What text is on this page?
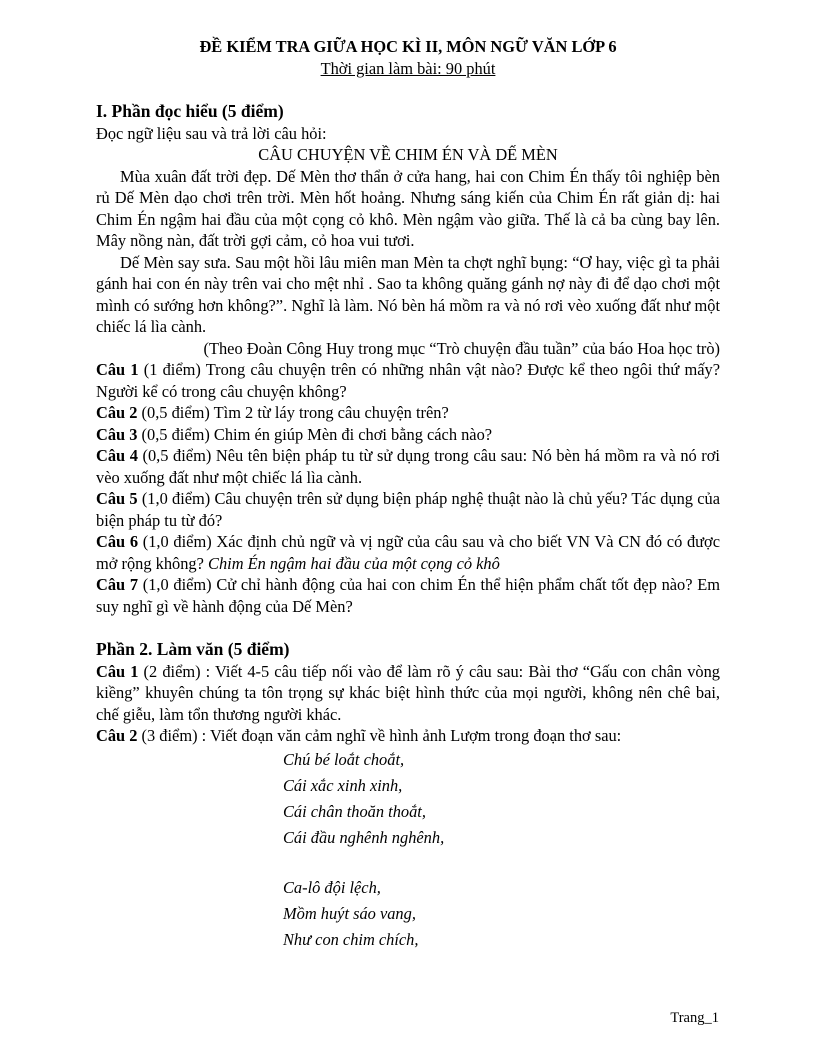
ĐỀ KIỂM TRA GIỮA HỌC KÌ II, MÔN NGỮ VĂN LỚP 6
Thời gian làm bài: 90 phút
I. Phần đọc hiểu (5 điểm)
Đọc ngữ liệu sau và trả lời câu hỏi:
CÂU CHUYỆN VỀ CHIM ÉN VÀ DẾ MÈN
Mùa xuân đất trời đẹp. Dế Mèn thơ thẩn ở cửa hang, hai con Chim Én thấy tôi nghiệp bèn rủ Dế Mèn dạo chơi trên trời. Mèn hốt hoảng. Nhưng sáng kiến của Chim Én rất giản dị: hai Chim Én ngậm hai đầu của một cọng cỏ khô. Mèn ngậm vào giữa. Thế là cả ba cùng bay lên. Mây nồng nàn, đất trời gợi cảm, cỏ hoa vui tươi.
Dế Mèn say sưa. Sau một hồi lâu miên man Mèn ta chợt nghĩ bụng: “Ơ hay, việc gì ta phải gánh hai con én này trên vai cho mệt nhỉ . Sao ta không quăng gánh nợ này đi để dạo chơi một mình có sướng hơn không?”. Nghĩ là làm. Nó bèn há mồm ra và nó rơi vèo xuống đất như một chiếc lá lìa cành.
(Theo Đoàn Công Huy trong mục “Trò chuyện đầu tuần” của báo Hoa học trò)
Câu 1 (1 điểm) Trong câu chuyện trên có những nhân vật nào? Được kể theo ngôi thứ mấy? Người kể có trong câu chuyện không?
Câu 2 (0,5 điểm) Tìm 2 từ láy trong câu chuyện trên?
Câu 3 (0,5 điểm) Chim én giúp Mèn đi chơi bằng cách nào?
Câu 4 (0,5 điểm) Nêu tên biện pháp tu từ sử dụng trong câu sau: Nó bèn há mồm ra và nó rơi vèo xuống đất như một chiếc lá lìa cành.
Câu 5 (1,0 điểm) Câu chuyện trên sử dụng biện pháp nghệ thuật nào là chủ yếu? Tác dụng của biện pháp tu từ đó?
Câu 6 (1,0 điểm) Xác định chủ ngữ và vị ngữ của câu sau và cho biết VN Và CN đó có được mở rộng không? Chim Én ngậm hai đầu của một cọng cỏ khô
Câu 7 (1,0 điểm) Cử chỉ hành động của hai con chim Én thể hiện phẩm chất tốt đẹp nào? Em suy nghĩ gì về hành động của Dế Mèn?
Phần 2. Làm văn (5 điểm)
Câu 1 (2 điểm) : Viết 4-5 câu tiếp nối vào để làm rõ ý câu sau: Bài thơ “Gấu con chân vòng kiềng” khuyên chúng ta tôn trọng sự khác biệt hình thức của mọi người, không nên chê bai, chế giễu, làm tổn thương người khác.
Câu 2 (3 điểm) : Viết đoạn văn cảm nghĩ về hình ảnh Lượm trong đoạn thơ sau:
Chú bé loắt choắt,
Cái xắc xinh xinh,
Cái chân thoăn thoắt,
Cái đầu nghênh nghênh,
Ca-lô đội lệch,
Mồm huýt sáo vang,
Như con chim chích,
Trang_1
